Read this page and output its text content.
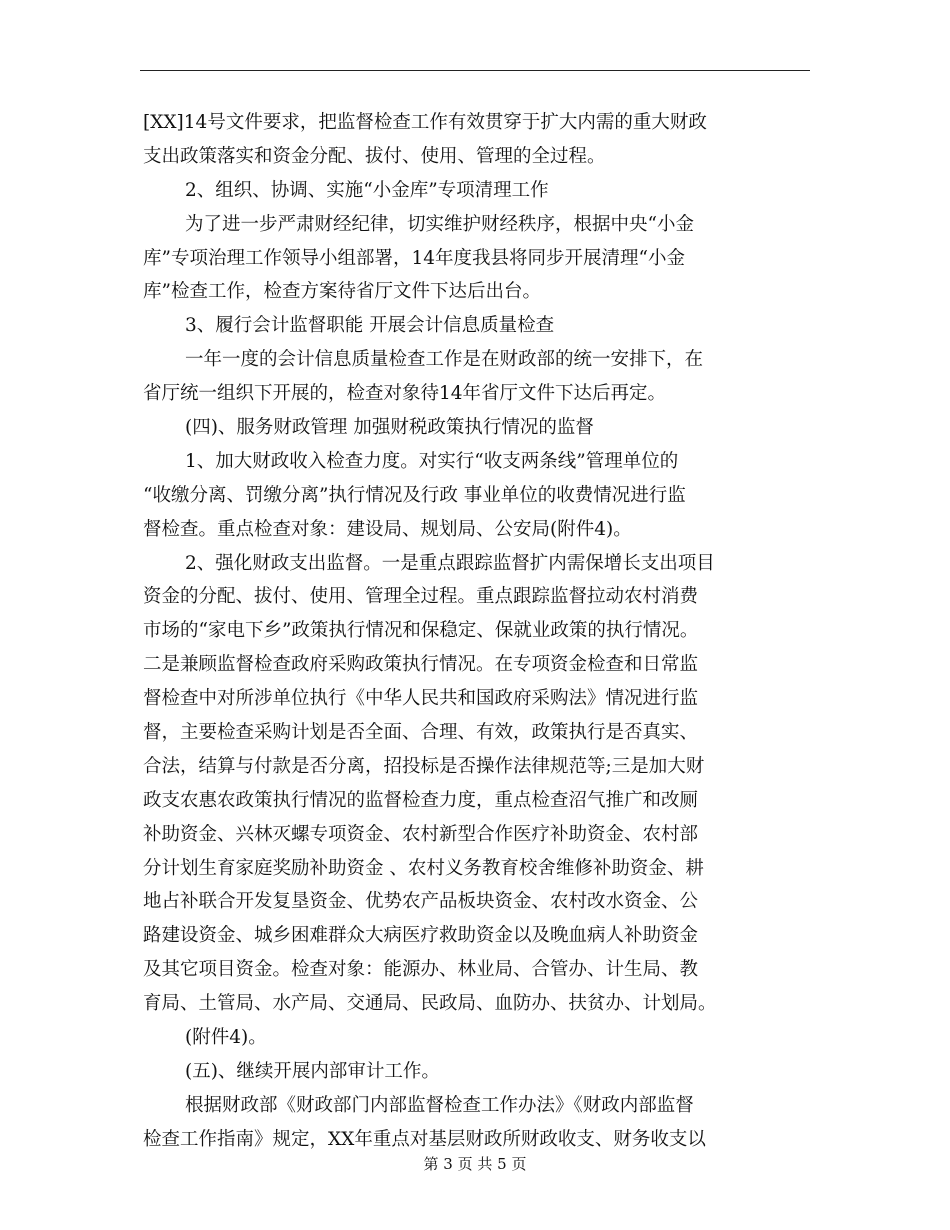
[XX]14号文件要求，把监督检查工作有效贯穿于扩大内需的重大财政
支出政策落实和资金分配、拔付、使用、管理的全过程。
2、组织、协调、实施“小金库”专项清理工作
为了进一步严肃财经纪律，切实维护财经秩序，根据中央“小金
库”专项治理工作领导小组部署，14年度我县将同步开展清理“小金
库”检查工作，检查方案待省厅文件下达后出台。
3、履行会计监督职能 开展会计信息质量检查
一年一度的会计信息质量检查工作是在财政部的统一安排下，在
省厅统一组织下开展的，检查对象待14年省厅文件下达后再定。
(四)、服务财政管理 加强财税政策执行情况的监督
1、加大财政收入检查力度。对实行“收支两条线”管理单位的
“收缴分离、罚缴分离”执行情况及行政 事业单位的收费情况进行监
督检查。重点检查对象：建设局、规划局、公安局(附件4)。
2、强化财政支出监督。一是重点跟踪监督扩内需保增长支出项目
资金的分配、拔付、使用、管理全过程。重点跟踪监督拉动农村消费
市场的“家电下乡”政策执行情况和保稳定、保就业政策的执行情况。
二是兼顾监督检查政府采购政策执行情况。在专项资金检查和日常监
督检查中对所涉单位执行《中华人民共和国政府采购法》情况进行监
督，主要检查采购计划是否全面、合理、有效，政策执行是否真实、
合法，结算与付款是否分离，招投标是否操作法律规范等;三是加大财
政支农惠农政策执行情况的监督检查力度，重点检查沼气推广和改厕
补助资金、兴林灭螺专项资金、农村新型合作医疗补助资金、农村部
分计划生育家庭奖励补助资金 、农村义务教育校舍维修补助资金、耕
地占补联合开发复垦资金、优势农产品板块资金、农村改水资金、公
路建设资金、城乡困难群众大病医疗救助资金以及晚血病人补助资金
及其它项目资金。检查对象：能源办、林业局、合管办、计生局、教
育局、土管局、水产局、交通局、民政局、血防办、扶贫办、计划局。
(附件4)。
(五)、继续开展内部审计工作。
根据财政部《财政部门内部监督检查工作办法》《财政内部监督
检查工作指南》规定，XX年重点对基层财政所财政收支、财务收支以
第 3 页 共 5 页
